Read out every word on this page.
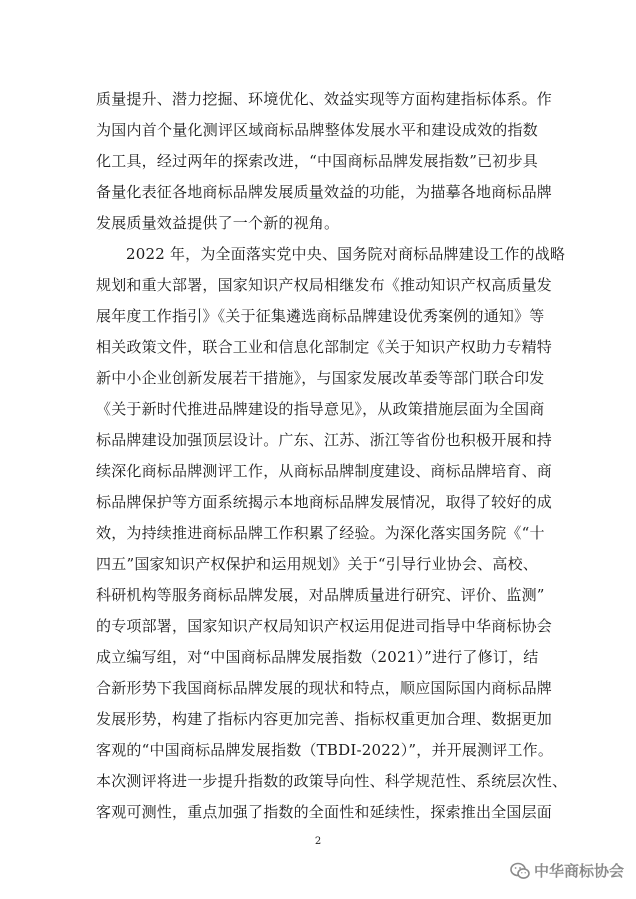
质量提升、潜力挖掘、环境优化、效益实现等方面构建指标体系。作
为国内首个量化测评区域商标品牌整体发展水平和建设成效的指数
化工具，经过两年的探索改进，“中国商标品牌发展指数”已初步具
备量化表征各地商标品牌发展质量效益的功能，为描摹各地商标品牌
发展质量效益提供了一个新的视角。
2022 年，为全面落实党中央、国务院对商标品牌建设工作的战略
规划和重大部署，国家知识产权局相继发布《推动知识产权高质量发
展年度工作指引》《关于征集遴选商标品牌建设优秀案例的通知》等
相关政策文件，联合工业和信息化部制定《关于知识产权助力专精特
新中小企业创新发展若干措施》，与国家发展改革委等部门联合印发
《关于新时代推进品牌建设的指导意见》，从政策措施层面为全国商
标品牌建设加强顶层设计。广东、江苏、浙江等省份也积极开展和持
续深化商标品牌测评工作，从商标品牌制度建设、商标品牌培育、商
标品牌保护等方面系统揭示本地商标品牌发展情况，取得了较好的成
效，为持续推进商标品牌工作积累了经验。为深化落实国务院《“十
四五”国家知识产权保护和运用规划》关于“引导行业协会、高校、
科研机构等服务商标品牌发展，对品牌质量进行研究、评价、监测”
的专项部署，国家知识产权局知识产权运用促进司指导中华商标协会
成立编写组，对“中国商标品牌发展指数（2021）”进行了修订，结
合新形势下我国商标品牌发展的现状和特点，顺应国际国内商标品牌
发展形势，构建了指标内容更加完善、指标权重更加合理、数据更加
客观的“中国商标品牌发展指数（TBDI-2022）”，并开展测评工作。
本次测评将进一步提升指数的政策导向性、科学规范性、系统层次性、
客观可测性，重点加强了指数的全面性和延续性，探索推出全国层面
2
中华商标协会
